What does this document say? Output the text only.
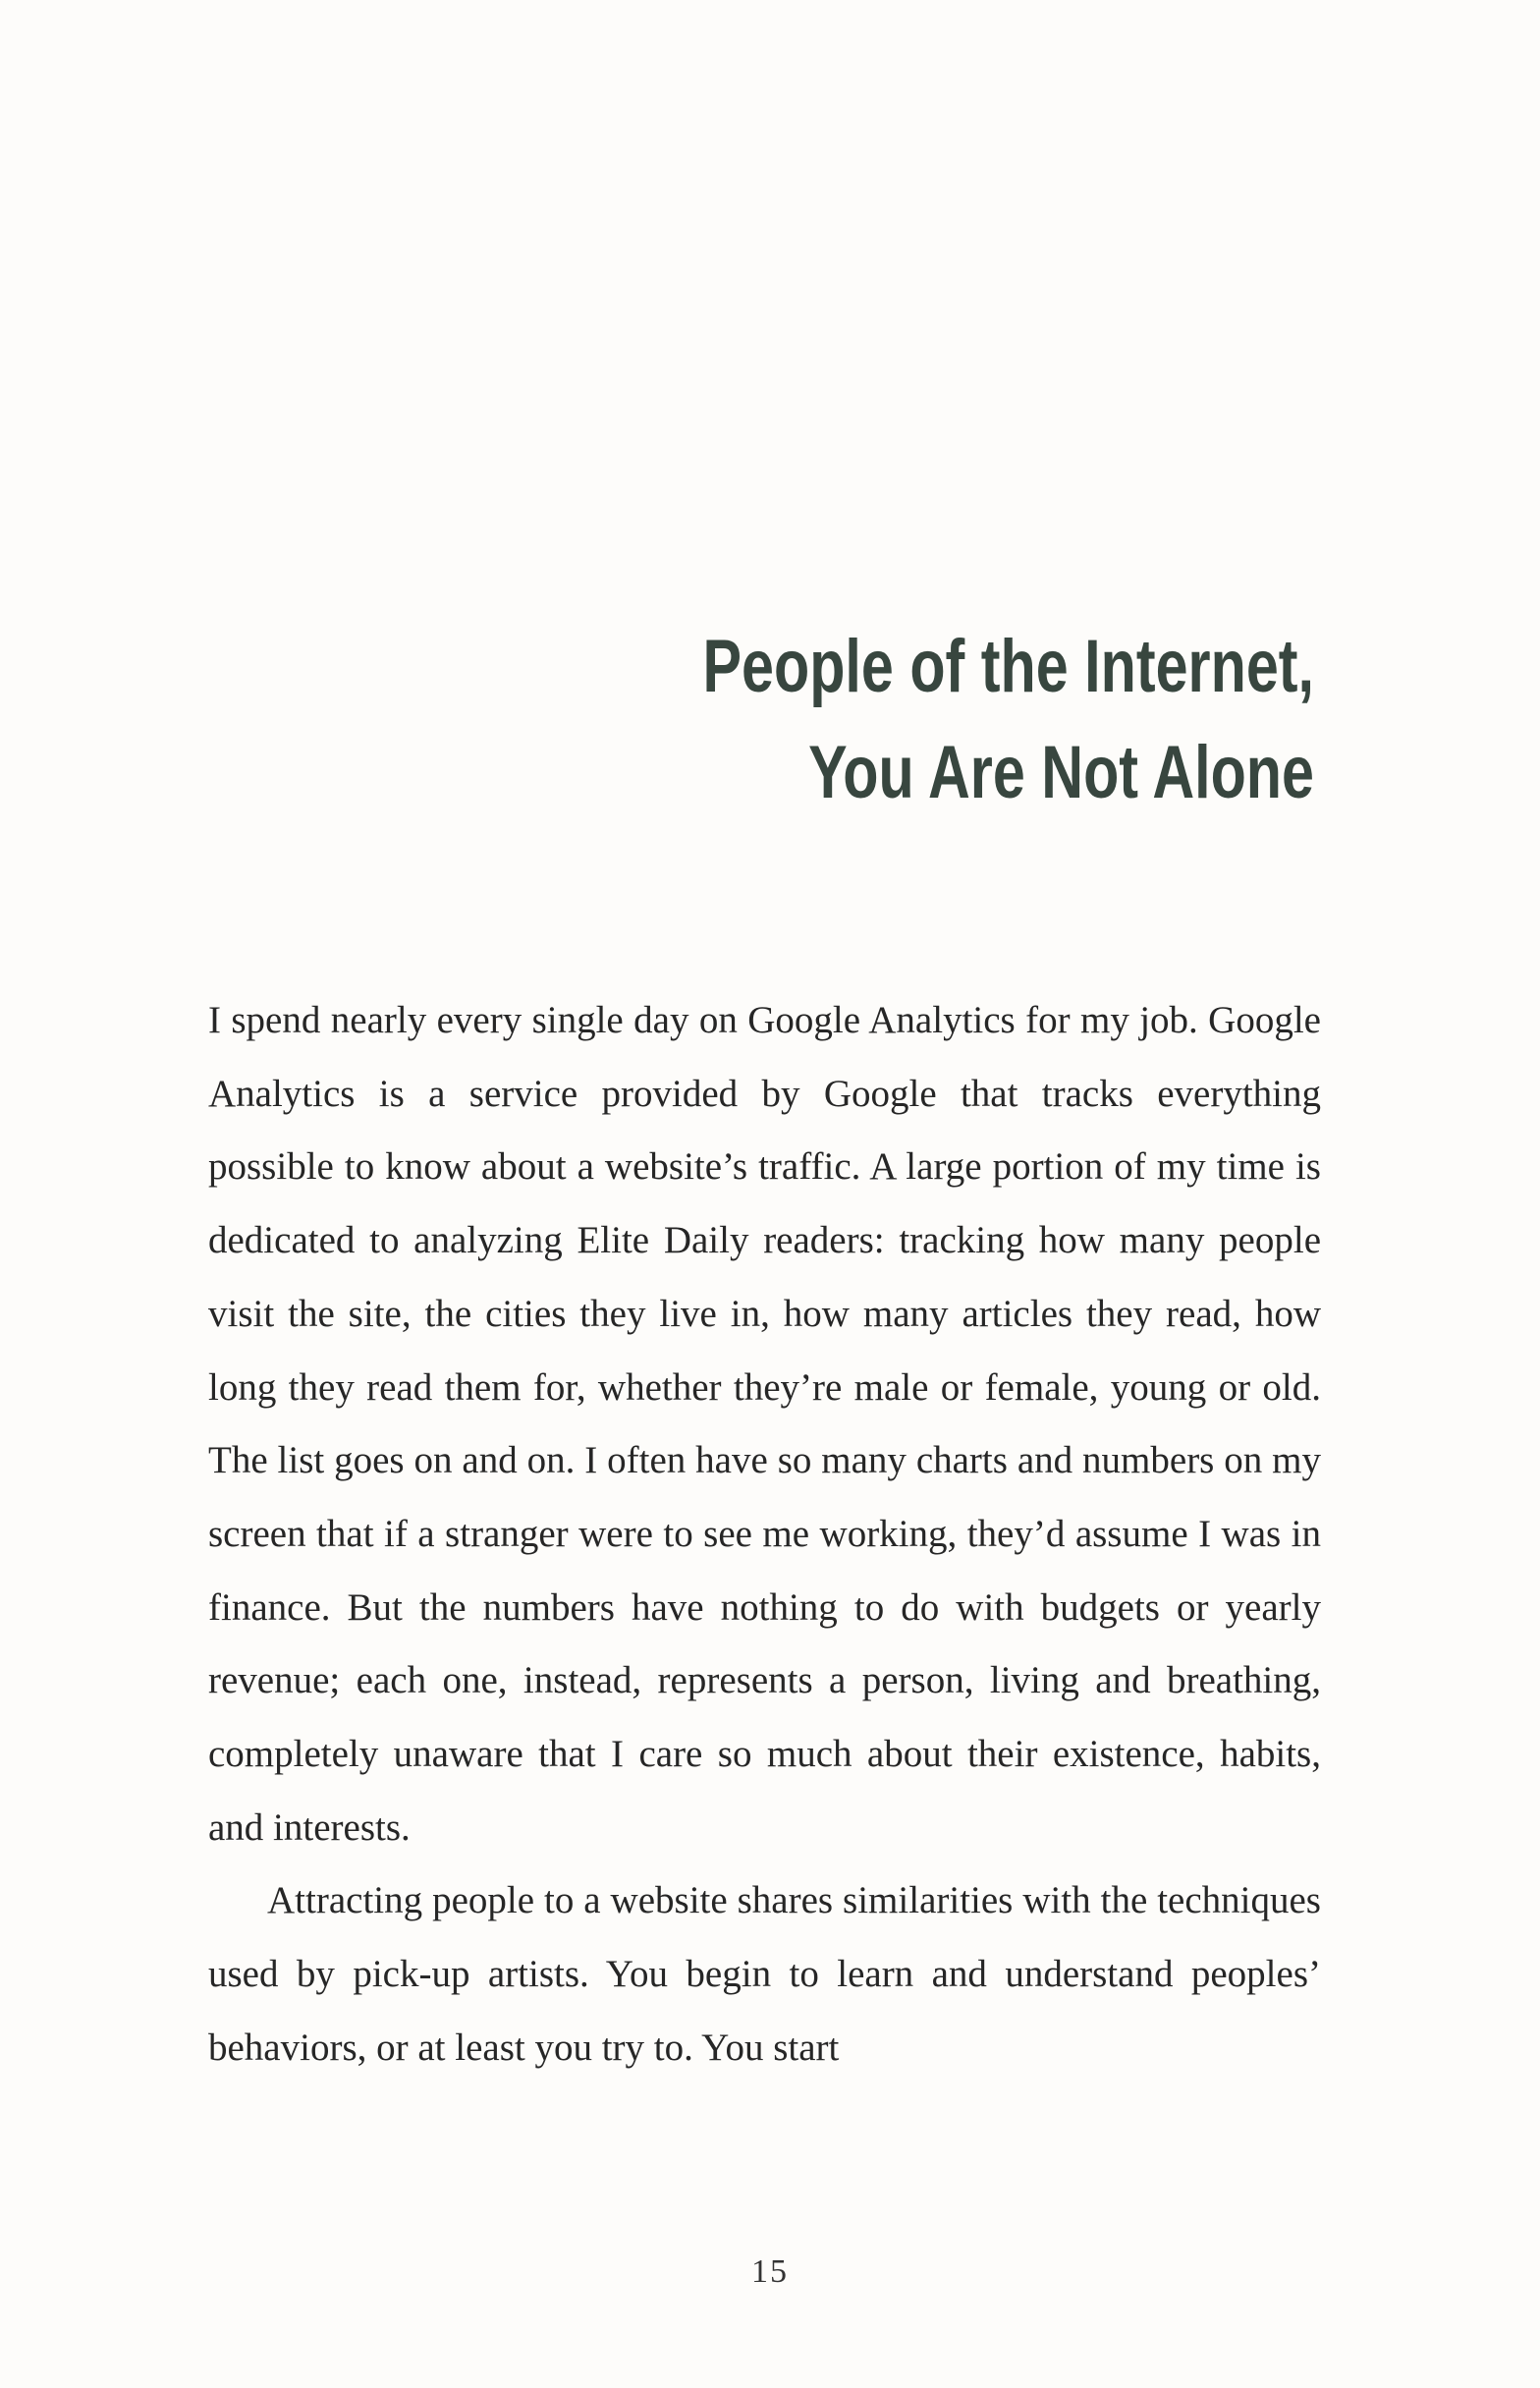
People of the Internet,
You Are Not Alone

I spend nearly every single day on Google Analytics for my job. Google Analytics is a service provided by Google that tracks everything possible to know about a website’s traffic. A large portion of my time is dedicated to analyzing Elite Daily readers: tracking how many people visit the site, the cities they live in, how many articles they read, how long they read them for, whether they’re male or female, young or old. The list goes on and on. I often have so many charts and numbers on my screen that if a stranger were to see me working, they’d assume I was in finance. But the numbers have nothing to do with budgets or yearly revenue; each one, instead, represents a person, living and breathing, completely unaware that I care so much about their existence, habits, and interests.

Attracting people to a website shares similarities with the techniques used by pick-up artists. You begin to learn and understand peoples’ behaviors, or at least you try to. You start

15
